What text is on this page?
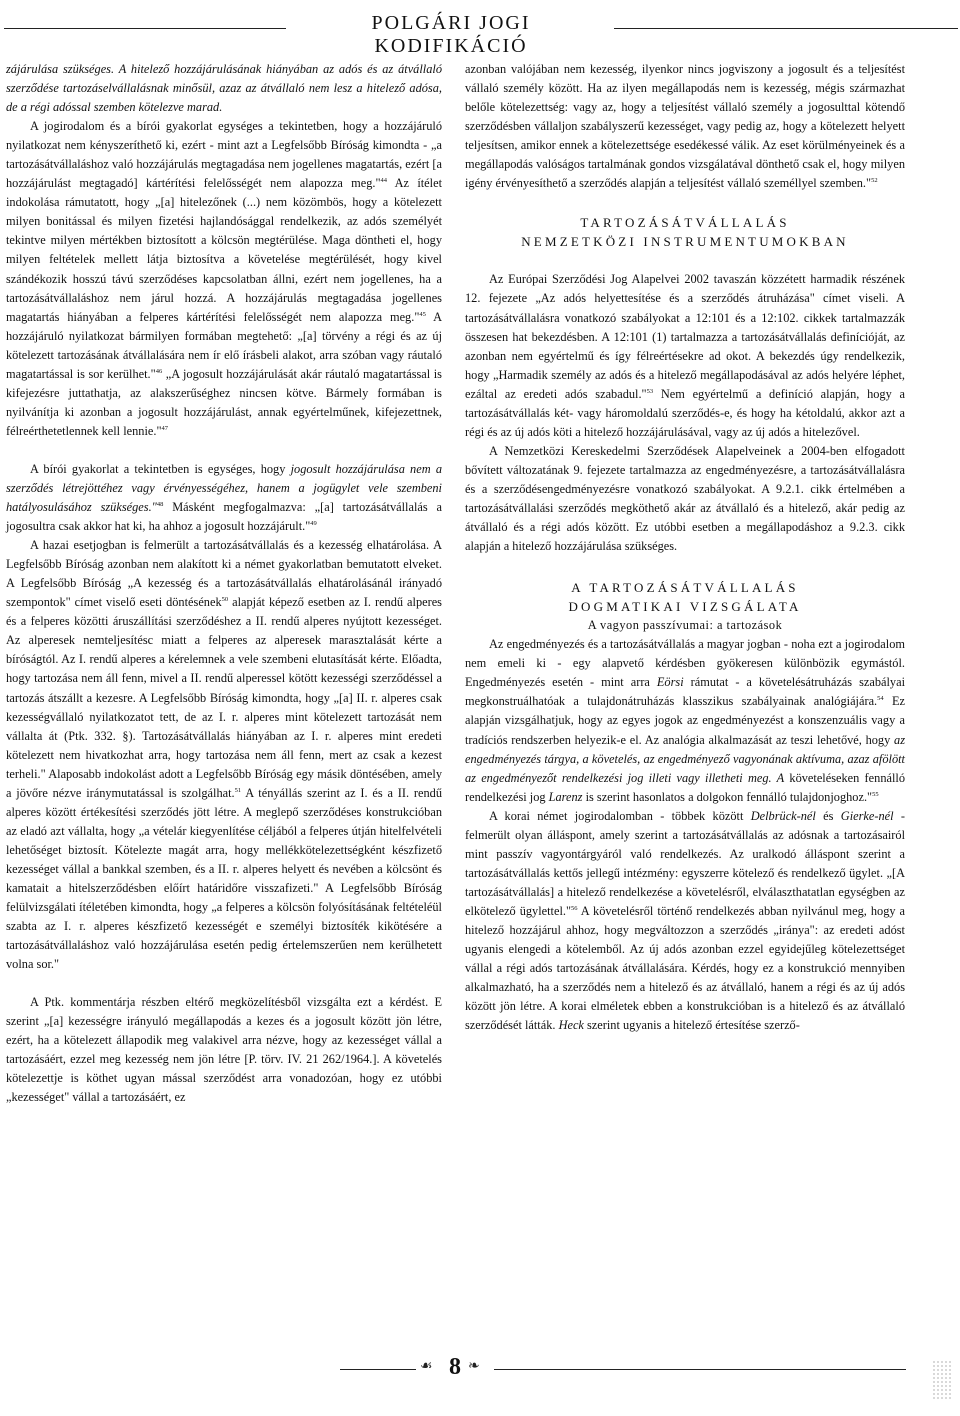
POLGÁRI JOGI KODIFIKÁCIÓ

zájárulása szükséges. A hitelező hozzájárulásának hiányában az adós és az átvállaló szerződése tartozáselvállalásnak minősül, azaz az átvállaló nem lesz a hitelező adósa, de a régi adóssal szemben kötelezve marad.

A jogirodalom és a bírói gyakorlat egységes a tekintetben, hogy a hozzájáruló nyilatkozat nem kényszeríthető ki, ezért - mint azt a Legfelsőbb Bíróság kimondta - „a tartozásátvállaláshoz való hozzájárulás megtagadása nem jogellenes magatartás, ezért [a hozzájárulást megtagadó] kártérítési felelősségét nem alapozza meg."$^{44}$ Az ítélet indokolása rámutatott, hogy „[a] hitelezőnek (...) nem közömbös, hogy a kötelezett milyen bonitással és milyen fizetési hajlandósággal rendelkezik, az adós személyét tekintve milyen mértékben biztosított a kölcsön megtérülése. Maga döntheti el, hogy milyen feltételek mellett látja biztosítva a követelése megtérülését, hogy kivel szándékozik hosszú távú szerződéses kapcsolatban állni, ezért nem jogellenes, ha a tartozásátvállaláshoz nem járul hozzá. A hozzájárulás megtagadása jogellenes magatartás hiányában a felperes kártérítési felelősségét nem alapozza meg."$^{45}$ A hozzájáruló nyilatkozat bármilyen formában megtehető: „[a] törvény a régi és az új kötelezett tartozásának átvállalására nem ír elő írásbeli alakot, arra szóban vagy ráutaló magatartással is sor kerülhet."$^{46}$ „A jogosult hozzájárulását akár ráutaló magatartással is kifejezésre juttathatja, az alakszerűséghez nincsen kötve. Bármely formában is nyilvánítja ki azonban a jogosult hozzájárulást, annak egyértelműnek, kifejezettnek, félreérthetetlennek kell lennie."$^{47}$

A bírói gyakorlat a tekintetben is egységes, hogy jogosult hozzájárulása nem a szerződés létrejöttéhez vagy érvényességéhez, hanem a jogügylet vele szembeni hatályosulásához szükséges."$^{48}$ Másként megfogalmazva: „[a] tartozásátvállalás a jogosultra csak akkor hat ki, ha ahhoz a jogosult hozzájárult."$^{49}$

A hazai esetjogban is felmerült a tartozásátvállalás és a kezesség elhatárolása. A Legfelsőbb Bíróság azonban nem alakított ki a német gyakorlatban bemutatott elveket. A Legfelsőbb Bíróság „A kezesség és a tartozásátvállalás elhatárolásánál irányadó szempontok" címet viselő eseti döntésének$^{50}$ alapját képező esetben az I. rendű alperes és a felperes közötti áruszállítási szerződéshez a II. rendű alperes nyújtott kezességet. Az alperesek nemteljesítésc miatt a felperes az alperesek marasztalását kérte a bíróságtól. Az I. rendű alperes a kérelemnek a vele szembeni elutasítását kérte. Előadta, hogy tartozása nem áll fenn, mivel a II. rendű alperessel kötött kezességi szerződéssel a tartozás átszállt a kezesre. A Legfelsőbb Bíróság kimondta, hogy „[a] II. r. alperes csak kezességvállaló nyilatkozatot tett, de az I. r. alperes mint kötelezett tartozását nem vállalta át (Ptk. 332. §). Tartozásátvállalás hiányában az I. r. alperes mint eredeti kötelezett nem hivatkozhat arra, hogy tartozása nem áll fenn, mert az csak a kezest terheli." Alaposabb indokolást adott a Legfelsőbb Bíróság egy másik döntésében, amely a jövőre nézve iránymutatással is szolgálhat.$^{51}$ A tényállás szerint az I. és a II. rendű alperes között értékesítési szerződés jött létre. A meglepő szerződéses konstrukcióban az eladó azt vállalta, hogy „a vételár kiegyenlítése céljából a felperes útján hitelfelvételi lehetőséget biztosít. Kötelezte magát arra, hogy mellékkötelezettségként készfizető kezességet vállal a bankkal szemben, és a II. r. alperes helyett és nevében a kölcsönt és kamatait a hitelszerződésben előírt határidőre visszafizeti." A Legfelsőbb Bíróság felülvizsgálati ítéletében kimondta, hogy „a felperes a kölcsön folyósításának feltételéül szabta az I. r. alperes készfizető kezességét e személyi biztosíték kikötésére a tartozásátvállaláshoz való hozzájárulása esetén pedig értelemszerűen nem kerülhetett volna sor."

A Ptk. kommentárja részben eltérő megközelítésből vizsgálta ezt a kérdést. E szerint „[a] kezességre irányuló megállapodás a kezes és a jogosult között jön létre, ezért, ha a kötelezett állapodik meg valakivel arra nézve, hogy az kezességet vállal a tartozásáért, ezzel meg kezesség nem jön létre [P. törv. IV. 21 262/1964.]. A követelés kötelezettje is köthet ugyan mással szerződést arra vonadozóan, hogy ez utóbbi „kezességet" vállal a tartozásáért, ez

azonban valójában nem kezesség, ilyenkor nincs jogviszony a jogosult és a teljesítést vállaló személy között. Ha az ilyen megállapodás nem is kezesség, mégis származhat belőle kötelezettség: vagy az, hogy a teljesítést vállaló személy a jogosulttal kötendő szerződésben vállaljon szabályszerű kezességet, vagy pedig az, hogy a kötelezett helyett teljesítsen, amikor ennek a kötelezettsége esedékessé válik. Az eset körülményeinek és a megállapodás valóságos tartalmának gondos vizsgálatával dönthető csak el, hogy milyen igény érvényesíthető a szerződés alapján a teljesítést vállaló személlyel szemben."$^{52}$

TARTOZÁSÁTVÁLLALÁS

NEMZETKÖZI INSTRUMENTUMOKBAN

Az Európai Szerződési Jog Alapelvei 2002 tavaszán közzétett harmadik részének 12. fejezete „Az adós helyettesítése és a szerződés átruházása" címet viseli. A tartozásátvállalásra vonatkozó szabályokat a 12:101 és a 12:102. cikkek tartalmazzák összesen hat bekezdésben. A 12:101 (1) tartalmazza a tartozásátvállalás definícióját, az azonban nem egyértelmű és így félreértésekre ad okot. A bekezdés úgy rendelkezik, hogy „Harmadik személy az adós és a hitelező megállapodásával az adós helyére léphet, ezáltal az eredeti adós szabadul."$^{53}$ Nem egyértelmű a definíció alapján, hogy a tartozásátvállalás két- vagy háromoldalú szerződés-e, és hogy ha kétoldalú, akkor azt a régi és az új adós köti a hitelező hozzájárulásával, vagy az új adós a hitelezővel.

A Nemzetközi Kereskedelmi Szerződések Alapelveinek a 2004-ben elfogadott bővített változatának 9. fejezete tartalmazza az engedményezésre, a tartozásátvállalásra és a szerződésengedményezésre vonatkozó szabályokat. A 9.2.1. cikk értelmében a tartozásátvállalási szerződés megköthető akár az átvállaló és a hitelező, akár pedig az átvállaló és a régi adós között. Ez utóbbi esetben a megállapodáshoz a 9.2.3. cikk alapján a hitelező hozzájárulása szükséges.

A TARTOZÁSÁTVÁLLALÁS

DOGMATIKAI VIZSGÁLATA

A vagyon passzívumai: a tartozások

Az engedményezés és a tartozásátvállalás a magyar jogban - noha ezt a jogirodalom nem emeli ki - egy alapvető kérdésben gyökeresen különbözik egymástól. Engedményezés esetén - mint arra Eörsi rámutat - a követelésátruházás szabályai megkonstruálhatóak a tulajdonátruházás klasszikus szabályainak analógiájára.$^{54}$ Ez alapján vizsgálhatjuk, hogy az egyes jogok az engedményezést a konszenzuális vagy a tradíciós rendszerben helyezik-e el. Az analógia alkalmazását az teszi lehetővé, hogy az engedményezés tárgya, a követelés, az engedményező vagyonának aktívuma, azaz afölött az engedményezőt rendelkezési jog illeti vagy illetheti meg. A követeléseken fennálló rendelkezési jog Larenz is szerint hasonlatos a dolgokon fennálló tulajdonjoghoz."$^{55}$

A korai német jogirodalomban - többek között Delbrück-nél és Gierke-nél - felmerült olyan álláspont, amely szerint a tartozásátvállalás az adósnak a tartozásairól mint passzív vagyontárgyáról való rendelkezés. Az uralkodó álláspont szerint a tartozásátvállalás kettős jellegű intézmény: egyszerre kötelező és rendelkező ügylet. „[A tartozásátvállalás] a hitelező rendelkezése a követelésről, elválaszthatatlan egységben az elkötelező ügylettel."$^{56}$ A követelésről történő rendelkezés abban nyilvánul meg, hogy a hitelező hozzájárul ahhoz, hogy megváltozzon a szerződés „iránya": az eredeti adóst ugyanis elengedi a kötelemből. Az új adós azonban ezzel egyidejűleg kötelezettséget vállal a régi adós tartozásának átvállalására. Kérdés, hogy ez a konstrukció mennyiben alkalmazható, ha a szerződés nem a hitelező és az átvállaló, hanem a régi és az új adós között jön létre. A korai elméletek ebben a konstrukcióban is a hitelező és az átvállaló szerződését látták. Heck szerint ugyanis a hitelező értesítése szerző-

☙ 8 ❧
